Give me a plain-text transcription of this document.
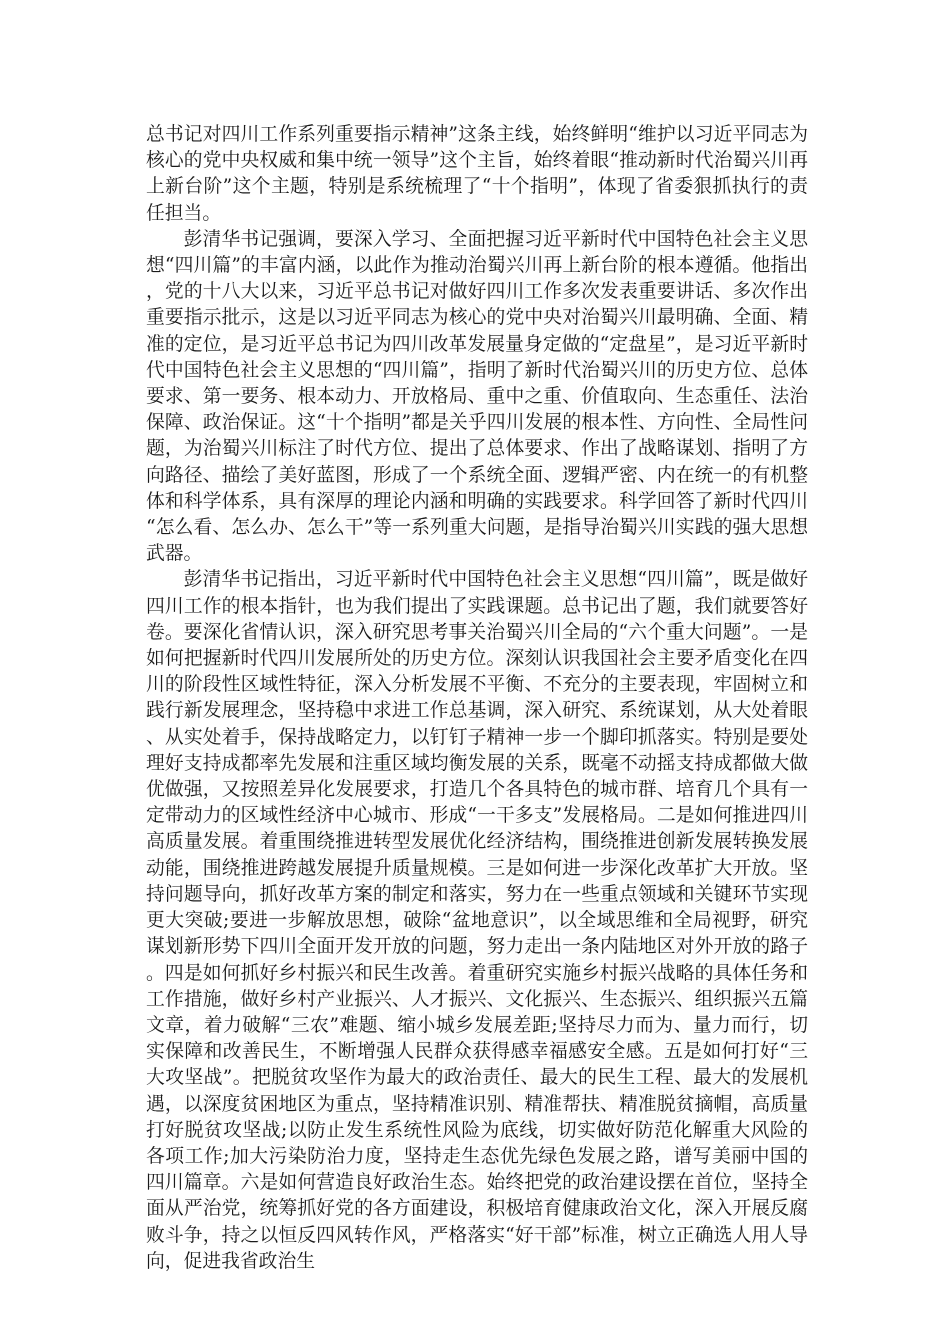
总书记对四川工作系列重要指示精神”这条主线，始终鲜明“维护以习近平同志为核心的党中央权威和集中统一领导”这个主旨，始终着眼“推动新时代治蜀兴川再上新台阶”这个主题，特别是系统梳理了“十个指明”，体现了省委狠抓执行的责任担当。

彭清华书记强调，要深入学习、全面把握习近平新时代中国特色社会主义思想“四川篇”的丰富内涵，以此作为推动治蜀兴川再上新台阶的根本遵循。他指出，党的十八大以来，习近平总书记对做好四川工作多次发表重要讲话、多次作出重要指示批示，这是以习近平同志为核心的党中央对治蜀兴川最明确、全面、精准的定位，是习近平总书记为四川改革发展量身定做的“定盘星”，是习近平新时代中国特色社会主义思想的“四川篇”，指明了新时代治蜀兴川的历史方位、总体要求、第一要务、根本动力、开放格局、重中之重、价值取向、生态重任、法治保障、政治保证。这“十个指明”都是关乎四川发展的根本性、方向性、全局性问题，为治蜀兴川标注了时代方位、提出了总体要求、作出了战略谋划、指明了方向路径、描绘了美好蓝图，形成了一个系统全面、逻辑严密、内在统一的有机整体和科学体系，具有深厚的理论内涵和明确的实践要求。科学回答了新时代四川“怎么看、怎么办、怎么干”等一系列重大问题，是指导治蜀兴川实践的强大思想武器。

彭清华书记指出，习近平新时代中国特色社会主义思想“四川篇”，既是做好四川工作的根本指针，也为我们提出了实践课题。总书记出了题，我们就要答好卷。要深化省情认识，深入研究思考事关治蜀兴川全局的“六个重大问题”。一是如何把握新时代四川发展所处的历史方位。深刻认识我国社会主要矛盾变化在四川的阶段性区域性特征，深入分析发展不平衡、不充分的主要表现，牢固树立和践行新发展理念，坚持稳中求进工作总基调，深入研究、系统谋划，从大处着眼、从实处着手，保持战略定力，以钉钉子精神一步一个脚印抓落实。特别是要处理好支持成都率先发展和注重区域均衡发展的关系，既毫不动摇支持成都做大做优做强，又按照差异化发展要求，打造几个各具特色的城市群、培育几个具有一定带动力的区域性经济中心城市、形成“一干多支”发展格局。二是如何推进四川高质量发展。着重围绕推进转型发展优化经济结构，围绕推进创新发展转换发展动能，围绕推进跨越发展提升质量规模。三是如何进一步深化改革扩大开放。坚持问题导向，抓好改革方案的制定和落实，努力在一些重点领域和关键环节实现更大突破;要进一步解放思想，破除“盆地意识”，以全域思维和全局视野，研究谋划新形势下四川全面开发开放的问题，努力走出一条内陆地区对外开放的路子。四是如何抓好乡村振兴和民生改善。着重研究实施乡村振兴战略的具体任务和工作措施，做好乡村产业振兴、人才振兴、文化振兴、生态振兴、组织振兴五篇文章，着力破解“三农”难题、缩小城乡发展差距;坚持尽力而为、量力而行，切实保障和改善民生，不断增强人民群众获得感幸福感安全感。五是如何打好“三大攻坚战”。把脱贫攻坚作为最大的政治责任、最大的民生工程、最大的发展机遇，以深度贫困地区为重点，坚持精准识别、精准帮扶、精准脱贫摘帽，高质量打好脱贫攻坚战;以防止发生系统性风险为底线，切实做好防范化解重大风险的各项工作;加大污染防治力度，坚持走生态优先绿色发展之路，谱写美丽中国的四川篇章。六是如何营造良好政治生态。始终把党的政治建设摆在首位，坚持全面从严治党，统筹抓好党的各方面建设，积极培育健康政治文化，深入开展反腐败斗争，持之以恒反四风转作风，严格落实“好干部”标准，树立正确选人用人导向，促进我省政治生
